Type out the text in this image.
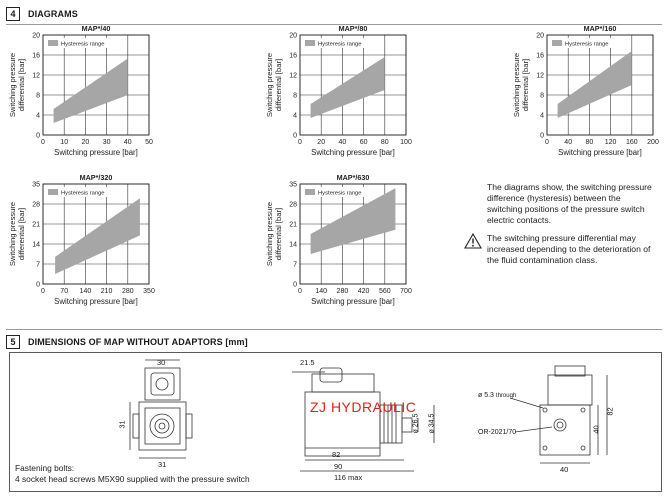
4	DIAGRAMS
MAP*/40
Hysteresis range
0 10 20 30 40 50
0
4
8
12
16
20
Switching pressure [bar]
Switching pressure differential [bar]
MAP*/80
Hysteresis range
0 20 40 60 80 100
0
4
8
12
16
20
Switching pressure [bar]
Switching pressure differential [bar]
MAP*/160
Hysteresis range
0 40 80 120 160 200
0
4
8
12
16
20
Switching pressure [bar]
Switching pressure differential [bar]
MAP*/320
Hysteresis range
0 70 140 210 280 350
0
7
14
21
28
35
Switching pressure [bar]
Switching pressure differential [bar]
MAP*/630
Hysteresis range
0 140 280 420 560 700
0
7
14
21
28
35
Switching pressure [bar]
Switching pressure differential [bar]
The diagrams show, the switching pressure difference (hysteresis) between the switching positions of the pressure switch electric contacts.
The switching pressure differential may increased depending to the deterioration of the fluid contamination class.
5	DIMENSIONS OF MAP WITHOUT ADAPTORS [mm]
30
31
31
21.5
ø 26.5 ø 34.5
82
90
116 max
ø 5.3 through
OR-2021/70
82
40
40
Fastening bolts:
4 socket head screws M5X90 supplied with the pressure switch
ZJ HYDRAULIC
